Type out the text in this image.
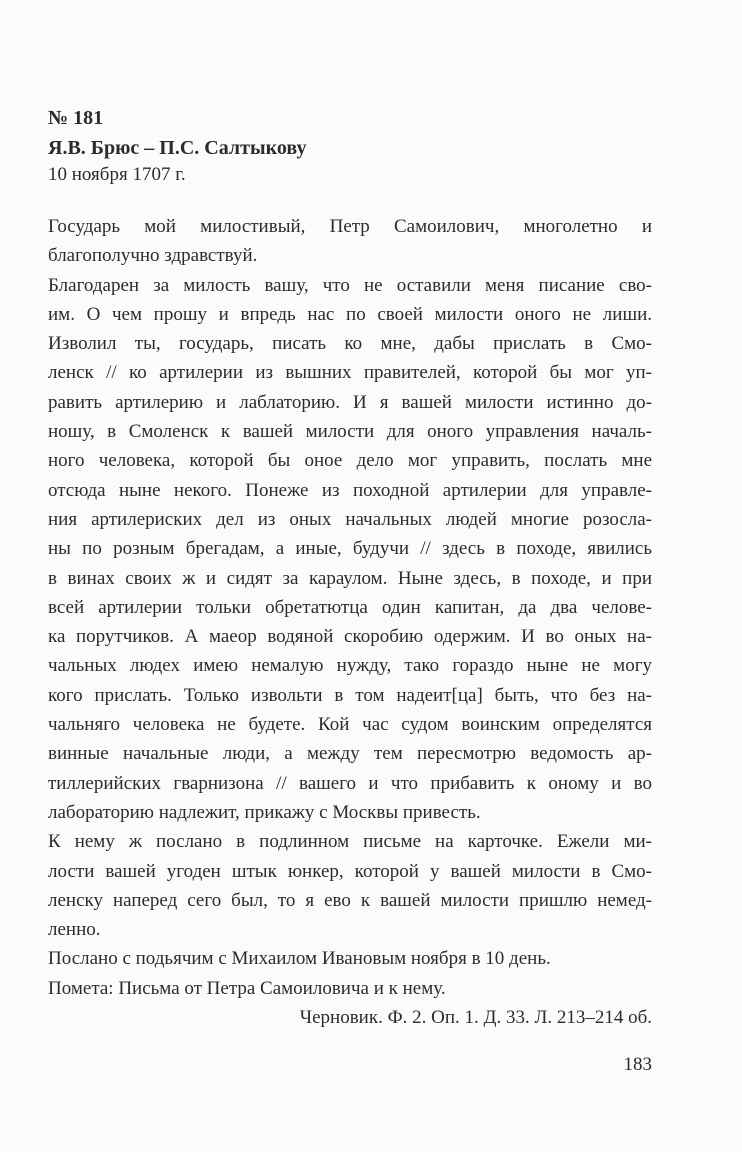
№ 181
Я.В. Брюс – П.С. Салтыкову
10 ноября 1707 г.
Государь мой милостивый, Петр Самоилович, многолетно и
благополучно здравствуй.
Благодарен за милость вашу, что не оставили меня писание сво-
им. О чем прошу и впредь нас по своей милости оного не лиши.
Изволил ты, государь, писать ко мне, дабы прислать в Смо-
ленск // ко артилерии из вышних правителей, которой бы мог уп-
равить артилерию и лаблаторию. И я вашей милости истинно до-
ношу, в Смоленск к вашей милости для оного управления началь-
ного человека, которой бы оное дело мог управить, послать мне
отсюда ныне некого. Понеже из походной артилерии для управле-
ния артилериских дел из оных начальных людей многие розосла-
ны по розным брегадам, а иные, будучи // здесь в походе, явились
в винах своих ж и сидят за караулом. Ныне здесь, в походе, и при
всей артилерии тольки обретатютца один капитан, да два челове-
ка порутчиков. А маеор водяной скоробию одержим. И во оных на-
чальных людех имею немалую нужду, тако гораздо ныне не могу
кого прислать. Только извольти в том надеит[ца] быть, что без на-
чальняго человека не будете. Кой час судом воинским определятся
винные начальные люди, а между тем пересмотрю ведомость ар-
тиллерийских гварнизона // вашего и что прибавить к оному и во
лабораторию надлежит, прикажу с Москвы привесть.
К нему ж послано в подлинном письме на карточке. Ежели ми-
лости вашей угоден штык юнкер, которой у вашей милости в Смо-
ленску наперед сего был, то я ево к вашей милости пришлю немед-
ленно.
Послано с подьячим с Михаилом Ивановым ноября в 10 день.
Помета: Письма от Петра Самоиловича и к нему.
Черновик. Ф. 2. Оп. 1. Д. 33. Л. 213–214 об.
183
